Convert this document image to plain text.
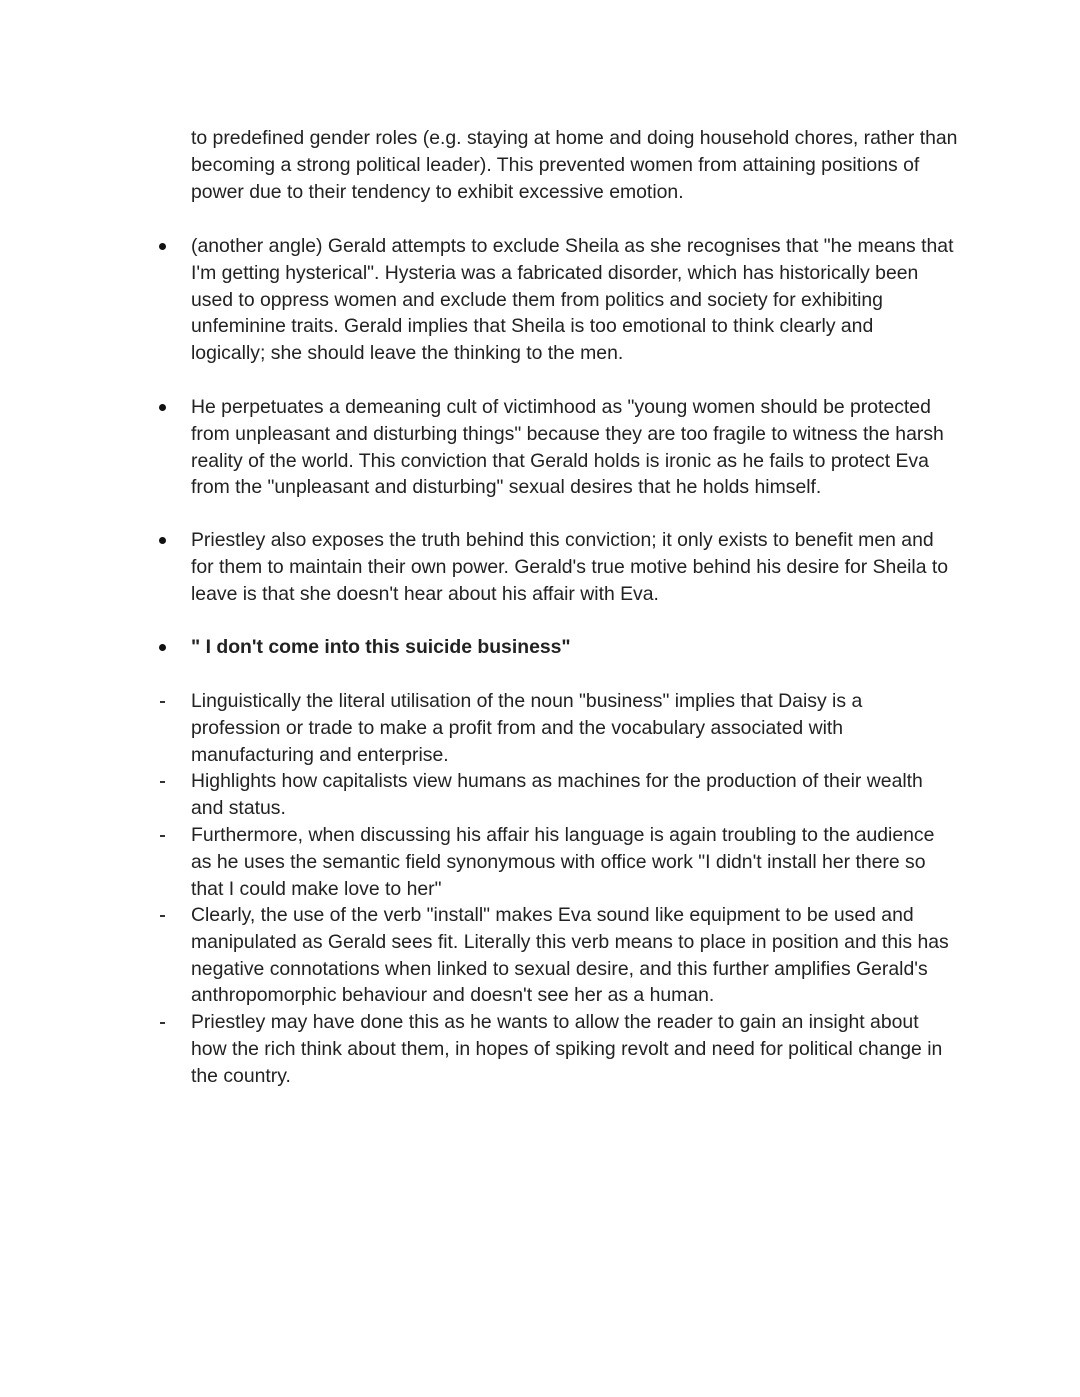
to predefined gender roles (e.g. staying at home and doing household chores, rather than
becoming a strong political leader). This prevented women from attaining positions of
power due to their tendency to exhibit excessive emotion.
(another angle) Gerald attempts to exclude Sheila as she recognises that "he means that
I'm getting hysterical". Hysteria was a fabricated disorder, which has historically been
used to oppress women and exclude them from politics and society for exhibiting
unfeminine traits. Gerald implies that Sheila is too emotional to think clearly and
logically; she should leave the thinking to the men.
He perpetuates a demeaning cult of victimhood as "young women should be protected
from unpleasant and disturbing things" because they are too fragile to witness the harsh
reality of the world. This conviction that Gerald holds is ironic as he fails to protect Eva
from the "unpleasant and disturbing" sexual desires that he holds himself.
Priestley also exposes the truth behind this conviction; it only exists to benefit men and
for them to maintain their own power. Gerald's true motive behind his desire for Sheila to
leave is that she doesn't hear about his affair with Eva.
" I don't come into this suicide business"
Linguistically the literal utilisation of the noun "business" implies that Daisy is a
profession or trade to make a profit from and the vocabulary associated with
manufacturing and enterprise.
Highlights how capitalists view humans as machines for the production of their wealth
and status.
Furthermore, when discussing his affair his language is again troubling to the audience
as he uses the semantic field synonymous with office work "I didn't install her there so
that I could make love to her"
Clearly, the use of the verb "install" makes Eva sound like equipment to be used and
manipulated as Gerald sees fit. Literally this verb means to place in position and this has
negative connotations when linked to sexual desire, and this further amplifies Gerald's
anthropomorphic behaviour and doesn't see her as a human.
Priestley may have done this as he wants to allow the reader to gain an insight about
how the rich think about them, in hopes of spiking revolt and need for political change in
the country.
